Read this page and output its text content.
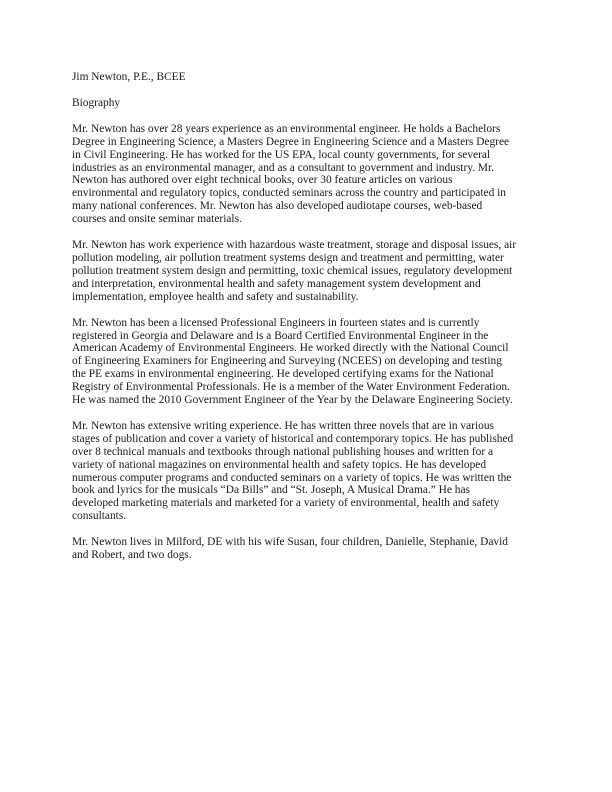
Jim Newton, P.E., BCEE
Biography
Mr. Newton has over 28 years experience as an environmental engineer. He holds a Bachelors
Degree in Engineering Science, a Masters Degree in Engineering Science and a Masters Degree
in Civil Engineering. He has worked for the US EPA, local county governments, for several
industries as an environmental manager, and as a consultant to government and industry. Mr.
Newton has authored over eight technical books, over 30 feature articles on various
environmental and regulatory topics, conducted seminars across the country and participated in
many national conferences. Mr. Newton has also developed audiotape courses, web-based
courses and onsite seminar materials.
Mr. Newton has work experience with hazardous waste treatment, storage and disposal issues, air
pollution modeling, air pollution treatment systems design and treatment and permitting, water
pollution treatment system design and permitting, toxic chemical issues, regulatory development
and interpretation, environmental health and safety management system development and
implementation, employee health and safety and sustainability.
Mr. Newton has been a licensed Professional Engineers in fourteen states and is currently
registered in Georgia and Delaware and is a Board Certified Environmental Engineer in the
American Academy of Environmental Engineers. He worked directly with the National Council
of Engineering Examiners for Engineering and Surveying (NCEES) on developing and testing
the PE exams in environmental engineering. He developed certifying exams for the National
Registry of Environmental Professionals. He is a member of the Water Environment Federation.
He was named the 2010 Government Engineer of the Year by the Delaware Engineering Society.
Mr. Newton has extensive writing experience. He has written three novels that are in various
stages of publication and cover a variety of historical and contemporary topics. He has published
over 8 technical manuals and textbooks through national publishing houses and written for a
variety of national magazines on environmental health and safety topics. He has developed
numerous computer programs and conducted seminars on a variety of topics. He was written the
book and lyrics for the musicals “Da Bills” and “St. Joseph, A Musical Drama.” He has
developed marketing materials and marketed for a variety of environmental, health and safety
consultants.
Mr. Newton lives in Milford, DE with his wife Susan, four children, Danielle, Stephanie, David
and Robert, and two dogs.
